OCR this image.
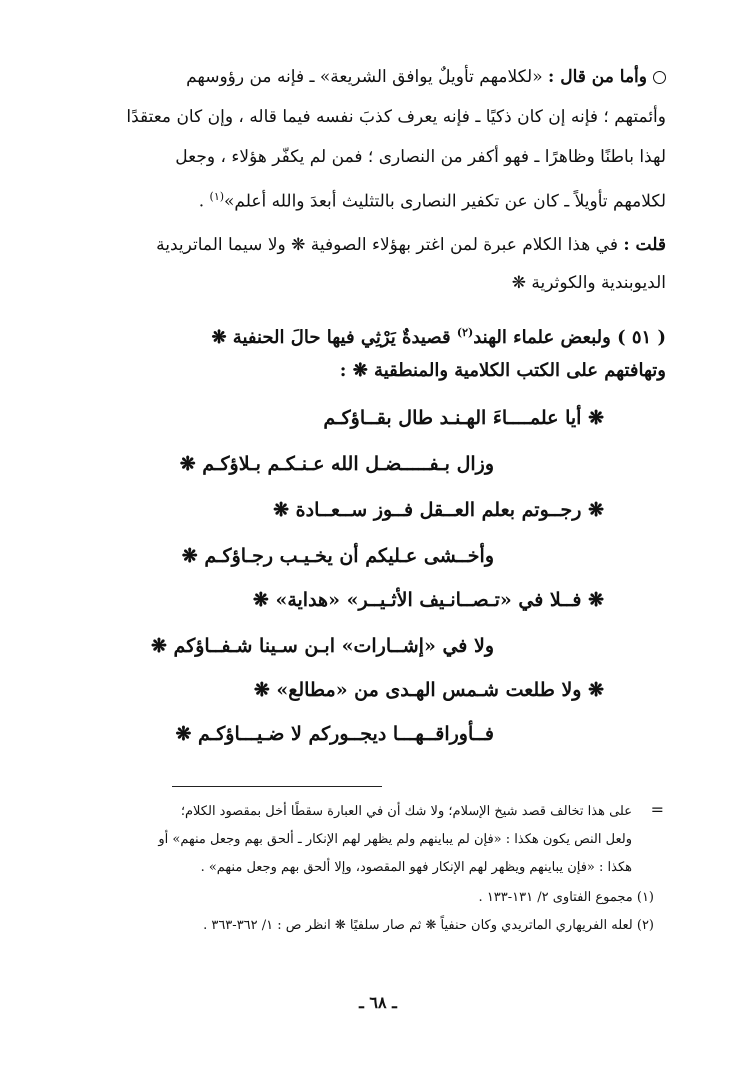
وأما من قال : «لكلامهم تأويلٌ يوافق الشريعة» ـ فإنه من رؤوسهم
وأئمتهم ؛ فإنه إن كان ذكيًا ـ فإنه يعرف كذبَ نفسه فيما قاله ، وإن كان معتقدًا
لهذا باطنًا وظاهرًا ـ فهو أكفر من النصارى ؛ فمن لم يكفّر هؤلاء ، وجعل
لكلامهم تأويلاً ـ كان عن تكفير النصارى بالتثليث أبعدَ والله أعلم»$^{(١)}$ .
قلت : في هذا الكلام عبرة لمن اغتر بهؤلاء الصوفية ❋ ولا سيما الماتريدية
الديوبندية والكوثرية ❋
( ٥١ ) ولبعض علماء الهند$^{(٢)}$ قصيدةٌ يَرْثِي فيها حالَ الحنفية ❋
وتهافتهم على الكتب الكلامية والمنطقية ❋ :
❋ أيا علمــــاءَ الهـنـد طال بقــاؤكـم
وزال بـفـــــضـل الله عـنـكـم بـلاؤكـم ❋
❋ رجــوتم بعلم العــقل فــوز ســعــادة ❋
وأخــشى عـليكم أن يخـيـب رجـاؤكـم ❋
❋ فــلا في «تـصــانـيف الأثـيــر» «هداية» ❋
ولا في «إشــارات» ابـن سـينا شـفــاؤكم ❋
❋ ولا طلعت شـمس الهـدى من «مطالع» ❋
فــأوراقــهـــا ديجــوركم لا ضـيـــاؤكـم ❋
=
على هذا تخالف قصد شيخ الإسلام؛ ولا شك أن في العبارة سقطًا أخل بمقصود الكلام؛
ولعل النص يكون هكذا : «فإن لم يباينهم ولم يظهر لهم الإنكار ـ ألحق بهم وجعل منهم» أو
هكذا : «فإن يباينهم ويظهر لهم الإنكار فهو المقصود، وإلا ألحق بهم وجعل منهم» .
(١) مجموع الفتاوى ٢/ ١٣١-١٣٣ .
(٢) لعله الفريهاري الماتريدي وكان حنفياً ❋ ثم صار سلفيًا ❋ انظر ص : ١/ ٣٦٢-٣٦٣ .
ـ ٦٨ ـ
